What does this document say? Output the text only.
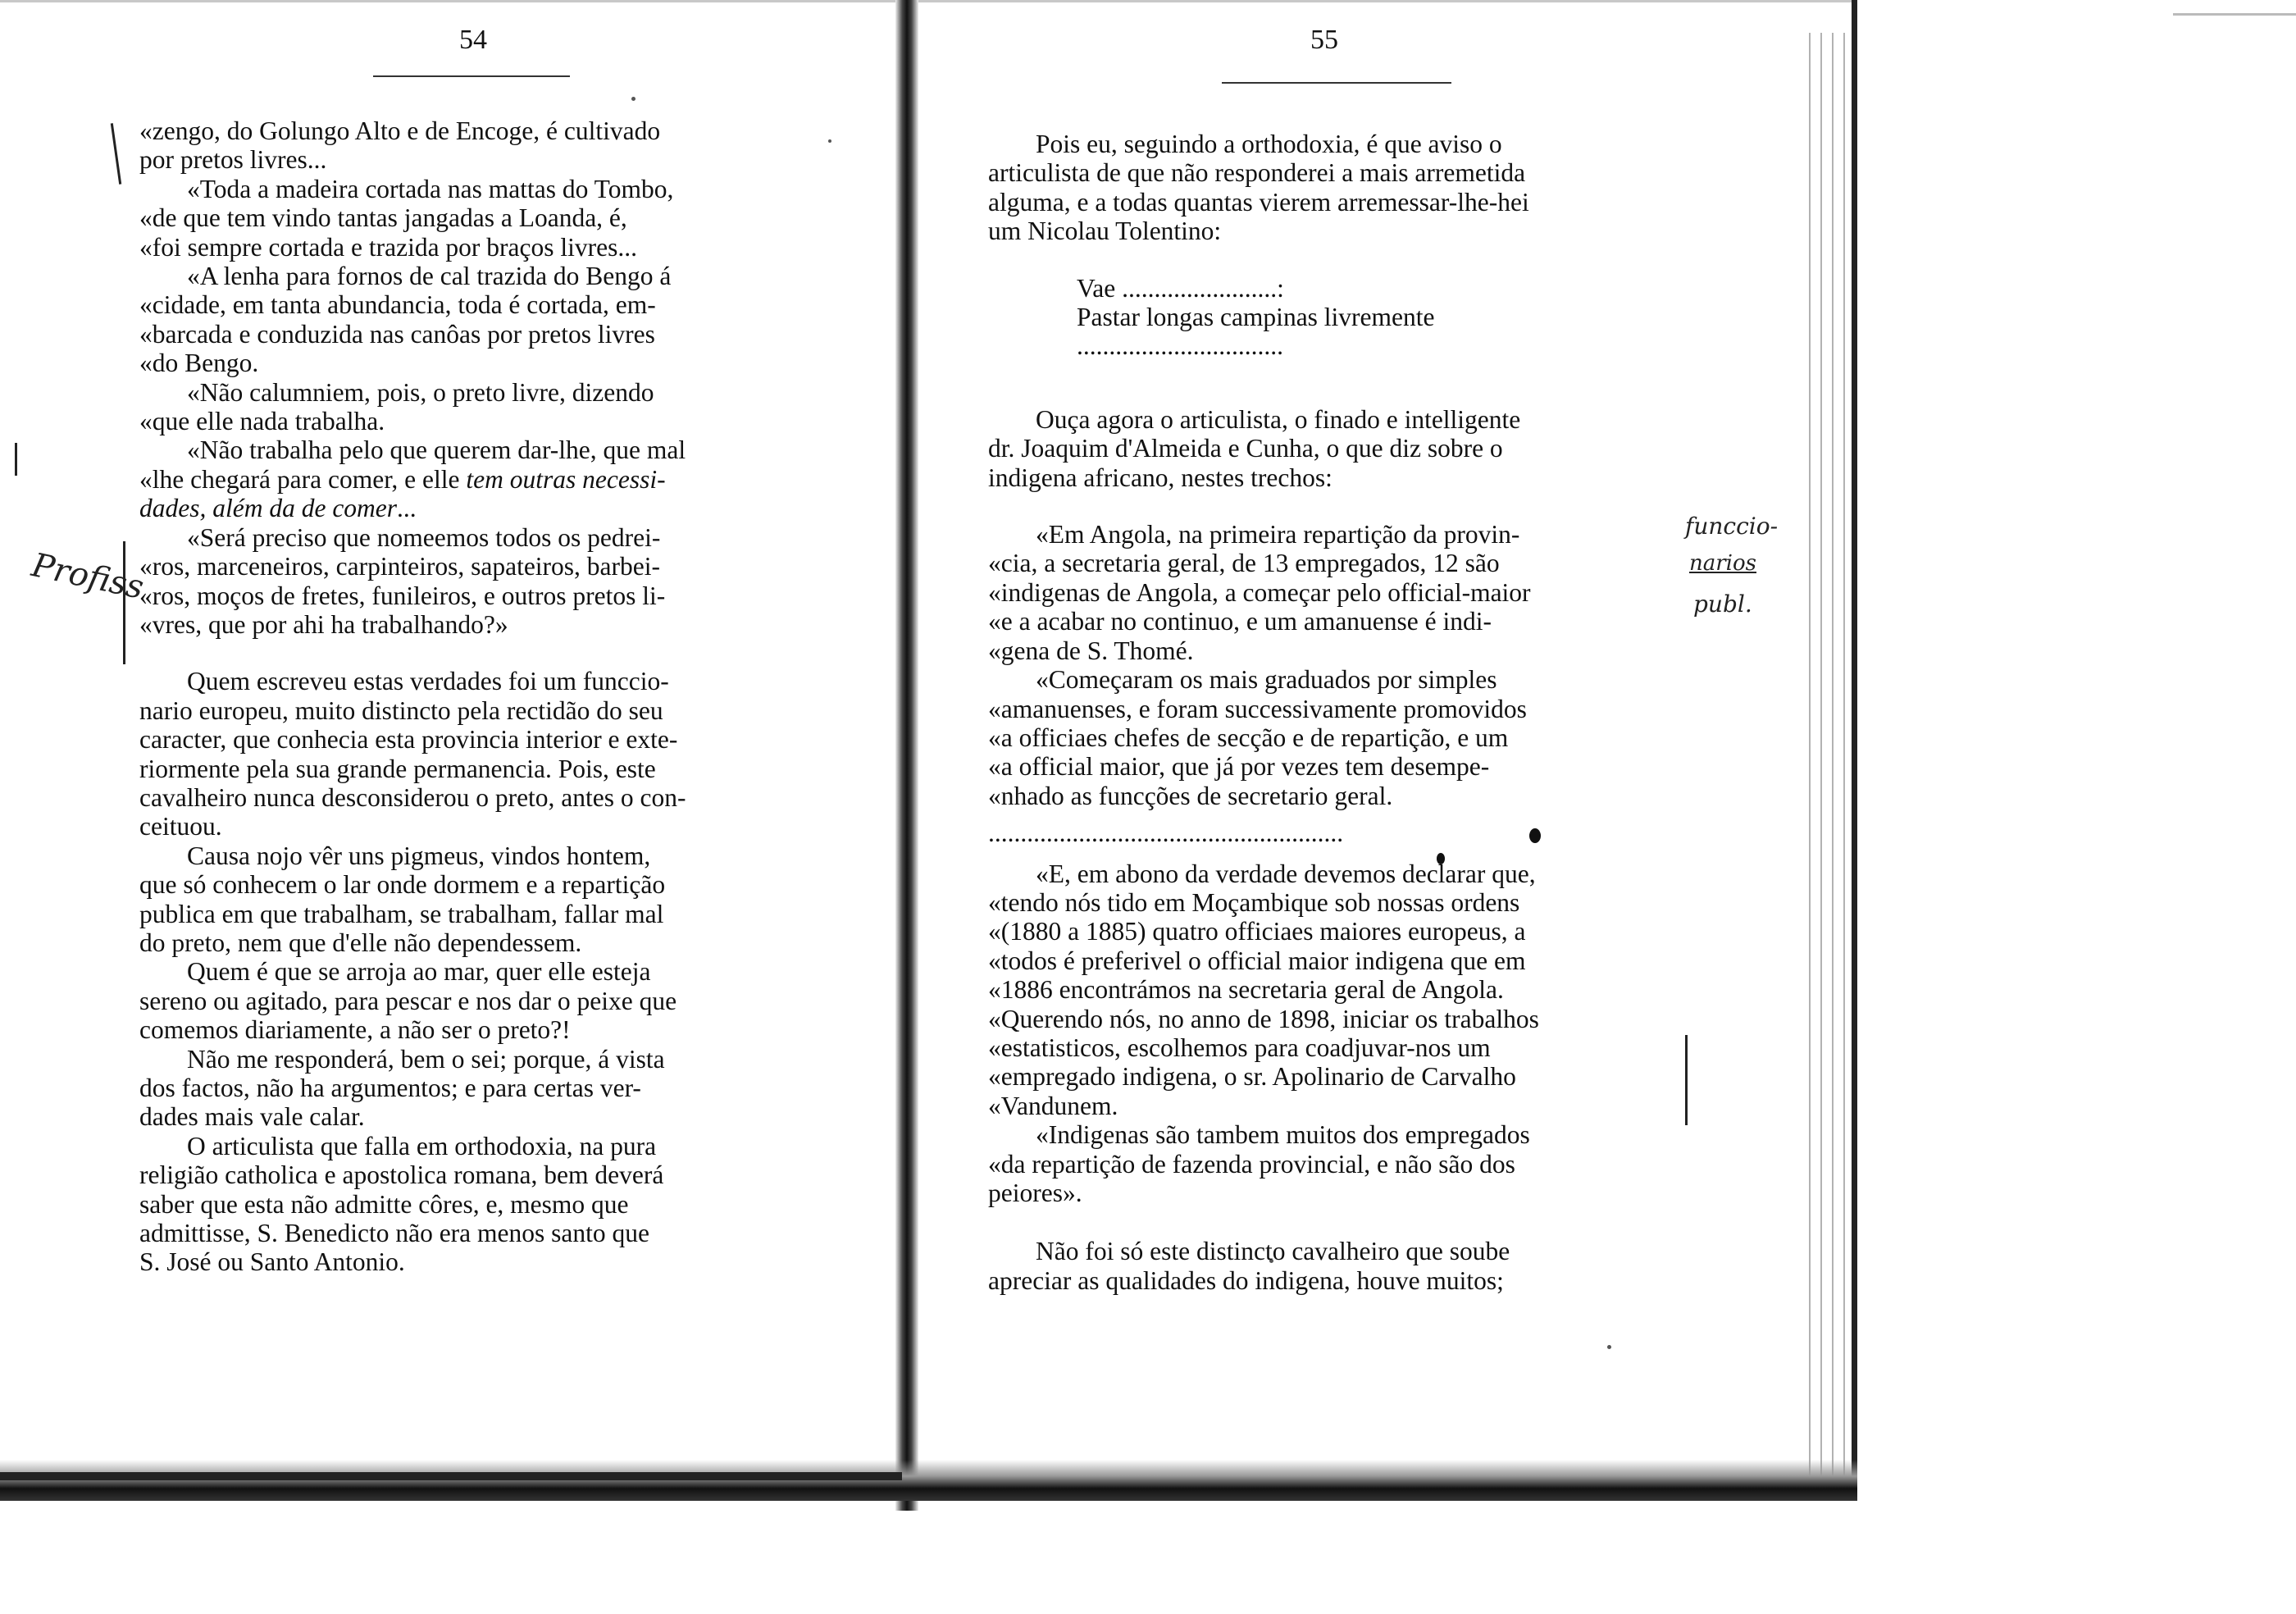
54

«zengo, do Golungo Alto e de Encoge, é cultivado

por pretos livres...

«Toda a madeira cortada nas mattas do Tombo,

«de que tem vindo tantas jangadas a Loanda, é,

«foi sempre cortada e trazida por braços livres...

«A lenha para fornos de cal trazida do Bengo á

«cidade, em tanta abundancia, toda é cortada, em-

«barcada e conduzida nas canôas por pretos livres

«do Bengo.

«Não calumniem, pois, o preto livre, dizendo

«que elle nada trabalha.

«Não trabalha pelo que querem dar-lhe, que mal

«lhe chegará para comer, e elle tem outras necessi-

dades, além da de comer...

«Será preciso que nomeemos todos os pedrei-

«ros, marceneiros, carpinteiros, sapateiros, barbei-

«ros, moços de fretes, funileiros, e outros pretos li-

«vres, que por ahi ha trabalhando?»

Quem escreveu estas verdades foi um funccio-

nario europeu, muito distincto pela rectidão do seu

caracter, que conhecia esta provincia interior e exte-

riormente pela sua grande permanencia. Pois, este

cavalheiro nunca desconsiderou o preto, antes o con-

ceituou.

Causa nojo vêr uns pigmeus, vindos hontem,

que só conhecem o lar onde dormem e a repartição

publica em que trabalham, se trabalham, fallar mal

do preto, nem que d'elle não dependessem.

Quem é que se arroja ao mar, quer elle esteja

sereno ou agitado, para pescar e nos dar o peixe que

comemos diariamente, a não ser o preto?!

Não me responderá, bem o sei; porque, á vista

dos factos, não ha argumentos; e para certas ver-

dades mais vale calar.

O articulista que falla em orthodoxia, na pura

religião catholica e apostolica romana, bem deverá

saber que esta não admitte côres, e, mesmo que

admittisse, S. Benedicto não era menos santo que

S. José ou Santo Antonio.

Profiss
55

Pois eu, seguindo a orthodoxia, é que aviso o

articulista de que não responderei a mais arremetida

alguma, e a todas quantas vierem arremessar-lhe-hei

um Nicolau Tolentino:

Vae ........................:

Pastar longas campinas livremente

................................

Ouça agora o articulista, o finado e intelligente

dr. Joaquim d'Almeida e Cunha, o que diz sobre o

indigena africano, nestes trechos:

«Em Angola, na primeira repartição da provin-

«cia, a secretaria geral, de 13 empregados, 12 são

«indigenas de Angola, a começar pelo official-maior

«e a acabar no continuo, e um amanuense é indi-

«gena de S. Thomé.

«Começaram os mais graduados por simples

«amanuenses, e foram successivamente promovidos

«a officiaes chefes de secção e de repartição, e um

«a official maior, que já por vezes tem desempe-

«nhado as funcções de secretario geral.

.......................................................

«E, em abono da verdade devemos declarar que,

«tendo nós tido em Moçambique sob nossas ordens

«(1880 a 1885) quatro officiaes maiores europeus, a

«todos é preferivel o official maior indigena que em

«1886 encontrámos na secretaria geral de Angola.

«Querendo nós, no anno de 1898, iniciar os trabalhos

«estatisticos, escolhemos para coadjuvar-nos um

«empregado indigena, o sr. Apolinario de Carvalho

«Vandunem.

«Indigenas são tambem muitos dos empregados

«da repartição de fazenda provincial, e não são dos

peiores».

Não foi só este distincto cavalheiro que soube

apreciar as qualidades do indigena, houve muitos;

funccio-
narios
publ.
